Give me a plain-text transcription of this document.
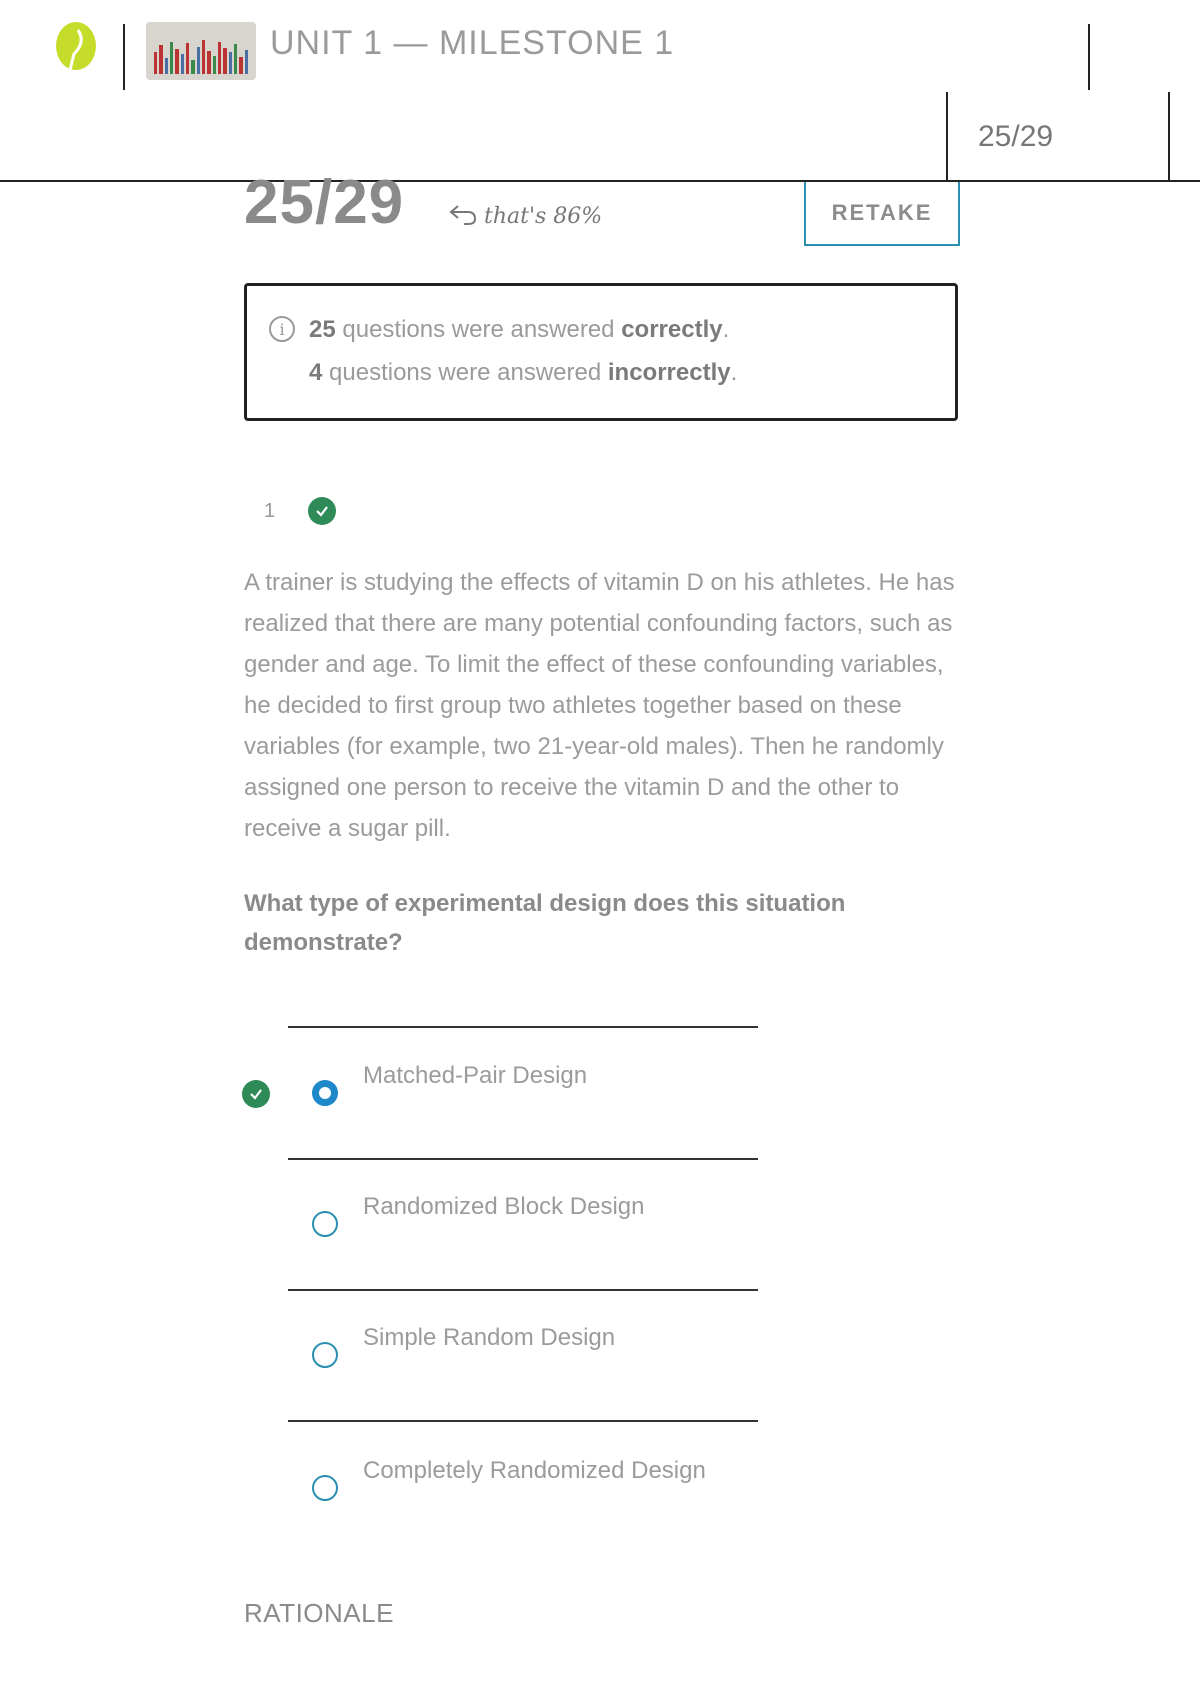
UNIT 1 — MILESTONE 1
25/29
25/29	that's 86%	RETAKE
i	25 questions were answered correctly.
4 questions were answered incorrectly.
1
A trainer is studying the effects of vitamin D on his athletes. He has realized that there are many potential confounding factors, such as gender and age. To limit the effect of these confounding variables, he decided to first group two athletes together based on these variables (for example, two 21-year-old males). Then he randomly assigned one person to receive the vitamin D and the other to receive a sugar pill.
What type of experimental design does this situation demonstrate?
Matched-Pair Design
Randomized Block Design
Simple Random Design
Completely Randomized Design
RATIONALE
